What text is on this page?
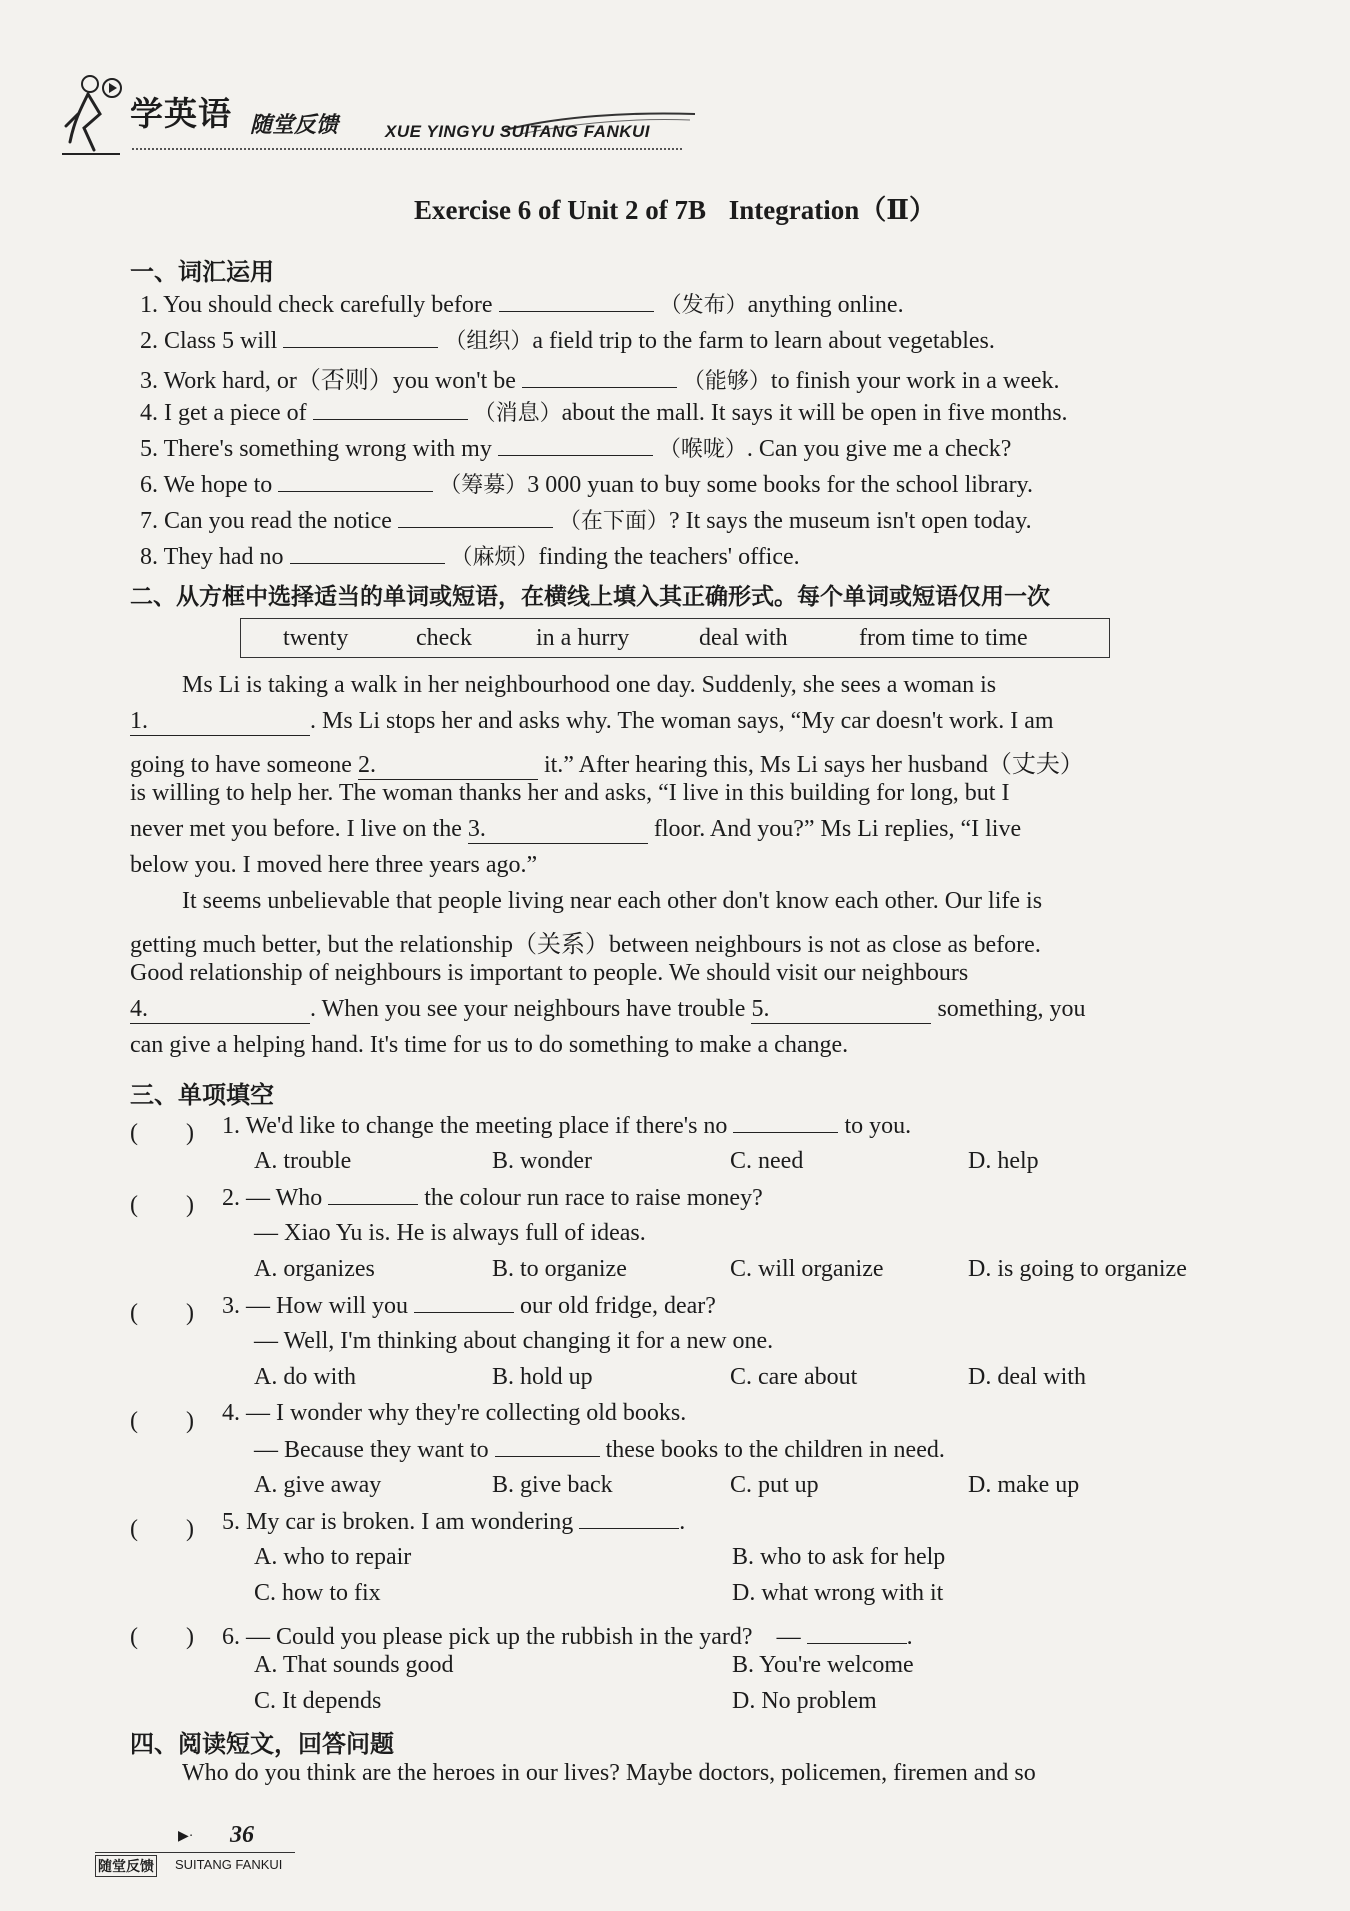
学英语 随堂反馈	XUE YINGYU SUITANG FANKUI
Exercise 6 of Unit 2 of 7B Integration（Ⅱ）
一、词汇运用
1. You should check carefully before	（发布）anything online.
2. Class 5 will	（组织）a field trip to the farm to learn about vegetables.
3. Work hard, or（否则）you won't be	（能够）to finish your work in a week.
4. I get a piece of	（消息）about the mall. It says it will be open in five months.
5. There's something wrong with my	（喉咙）. Can you give me a check?
6. We hope to	（筹募）3 000 yuan to buy some books for the school library.
7. Can you read the notice	（在下面）? It says the museum isn't open today.
8. They had no	（麻烦）finding the teachers' office.
二、从方框中选择适当的单词或短语，在横线上填入其正确形式。每个单词或短语仅用一次
twenty	check	in a hurry	deal with	from time to time
Ms Li is taking a walk in her neighbourhood one day. Suddenly, she sees a woman is
1.	. Ms Li stops her and asks why. The woman says, “My car doesn't work. I am
going to have someone 2.	it.” After hearing this, Ms Li says her husband（丈夫）
is willing to help her. The woman thanks her and asks, “I live in this building for long, but I
never met you before. I live on the 3.	floor. And you?” Ms Li replies, “I live
below you. I moved here three years ago.”
It seems unbelievable that people living near each other don't know each other. Our life is
getting much better, but the relationship（关系）between neighbours is not as close as before.
Good relationship of neighbours is important to people. We should visit our neighbours
4.	. When you see your neighbours have trouble 5.	something, you
can give a helping hand. It's time for us to do something to make a change.
三、单项填空
(　　) 1. We'd like to change the meeting place if there's no	to you.
A. trouble	B. wonder	C. need	D. help
(　　) 2. — Who	the colour run race to raise money?
— Xiao Yu is. He is always full of ideas.
A. organizes	B. to organize	C. will organize	D. is going to organize
(　　) 3. — How will you	our old fridge, dear?
— Well, I'm thinking about changing it for a new one.
A. do with	B. hold up	C. care about	D. deal with
(　　) 4. — I wonder why they're collecting old books.
— Because they want to	these books to the children in need.
A. give away	B. give back	C. put up	D. make up
(　　) 5. My car is broken. I am wondering	.
A. who to repair	B. who to ask for help
C. how to fix	D. what wrong with it
(　　) 6. — Could you please pick up the rubbish in the yard?　—	.
A. That sounds good	B. You're welcome
C. It depends	D. No problem
四、阅读短文，回答问题
Who do you think are the heroes in our lives? Maybe doctors, policemen, firemen and so
▶· 36
随堂反馈 SUITANG FANKUI
